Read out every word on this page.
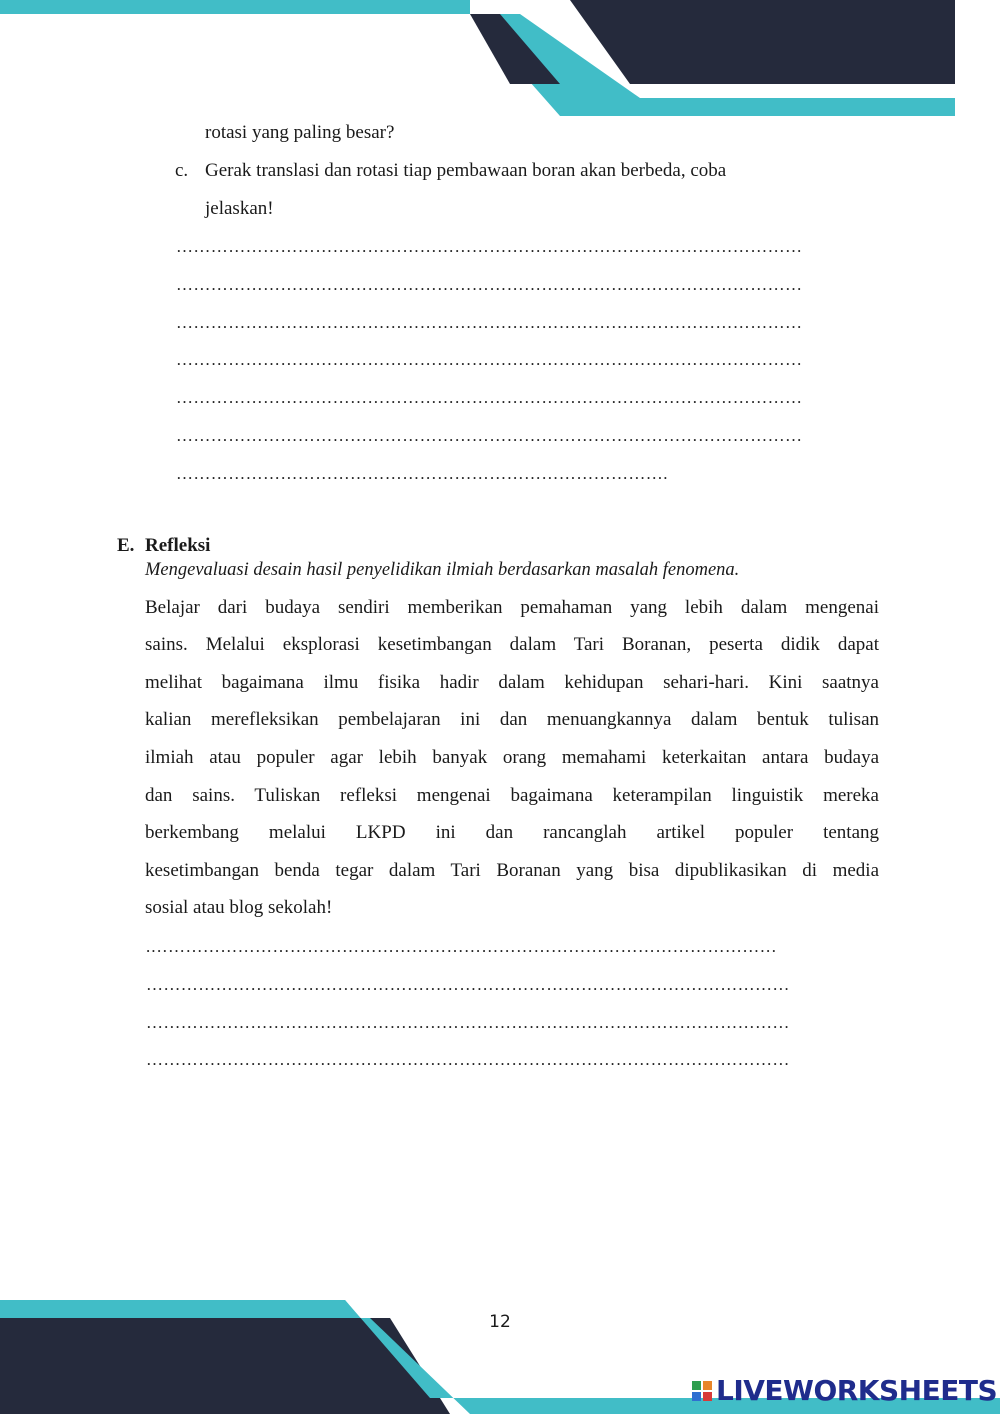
rotasi yang paling besar?
c. Gerak translasi dan rotasi tiap pembawaan boran akan berbeda, coba
jelaskan!
………………………………………………………………………………………………
………………………………………………………………………………………………
………………………………………………………………………………………………
………………………………………………………………………………………………
………………………………………………………………………………………………
………………………………………………………………………………………………
………………………………………………………………………….
E. Refleksi
Mengevaluasi desain hasil penyelidikan ilmiah berdasarkan masalah fenomena.
Belajar dari budaya sendiri memberikan pemahaman yang lebih dalam mengenai
sains. Melalui eksplorasi kesetimbangan dalam Tari Boranan, peserta didik dapat
melihat bagaimana ilmu fisika hadir dalam kehidupan sehari-hari. Kini saatnya
kalian merefleksikan pembelajaran ini dan menuangkannya dalam bentuk tulisan
ilmiah atau populer agar lebih banyak orang memahami keterkaitan antara budaya
dan sains. Tuliskan refleksi mengenai bagaimana keterampilan linguistik mereka
berkembang melalui LKPD ini dan rancanglah artikel populer tentang
kesetimbangan benda tegar dalam Tari Boranan yang bisa dipublikasikan di media
sosial atau blog sekolah!
.………………………………………………………………………………………………
…………………………………………………………………………………………………
…………………………………………………………………………………………………
…………………………………………………………………………………………………
12
LIVEWORKSHEETS
